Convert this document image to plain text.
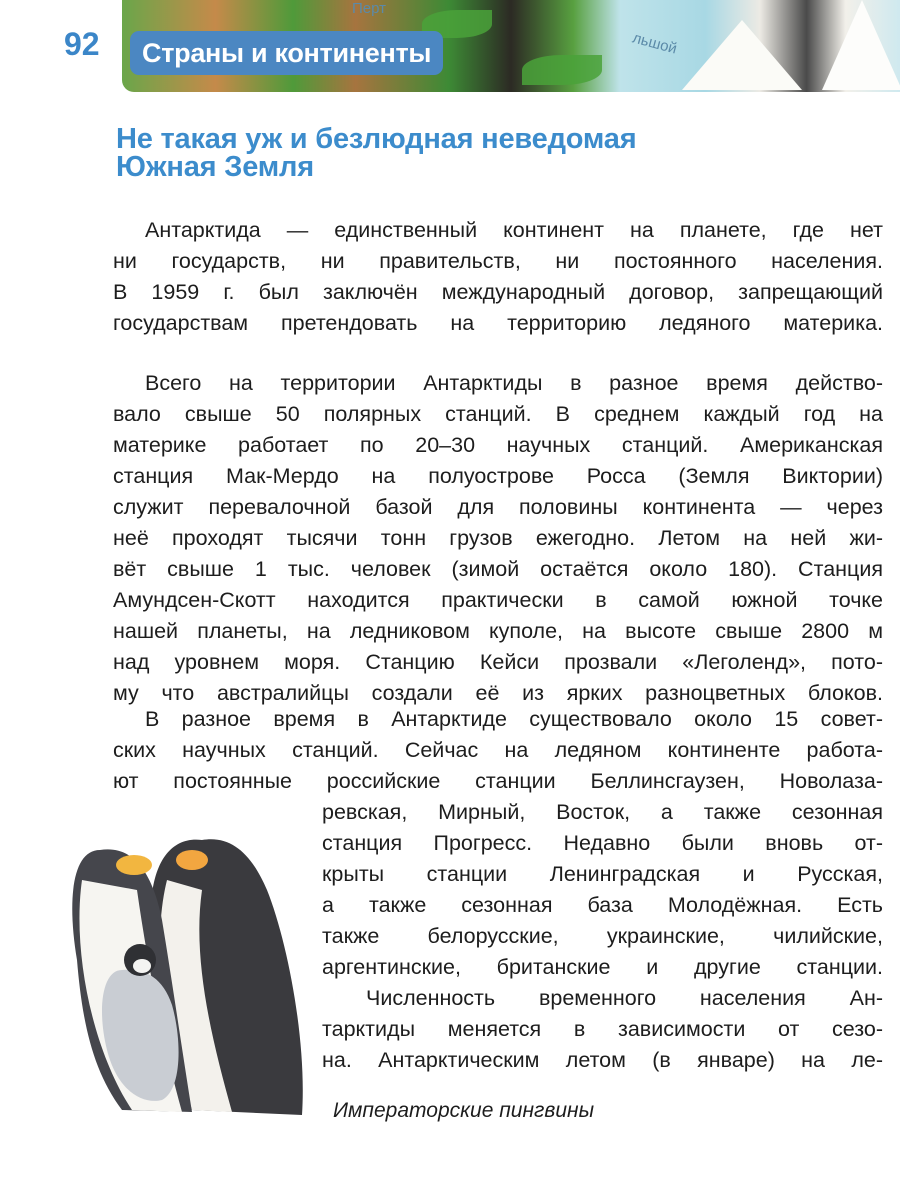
Перт
льшой
92	Страны и континенты
Не такая уж и безлюдная неведомая
Южная Земля
Антарктида — единственный континент на планете, где нет
ни государств, ни правительств, ни постоянного населения.
В 1959 г. был заключён международный договор, запрещающий
государствам претендовать на территорию ледяного материка.
Всего на территории Антарктиды в разное время действо-
вало свыше 50 полярных станций. В среднем каждый год на
материке работает по 20–30 научных станций. Американская
станция Мак-Мердо на полуострове Росса (Земля Виктории)
служит перевалочной базой для половины континента — через
неё проходят тысячи тонн грузов ежегодно. Летом на ней жи-
вёт свыше 1 тыс. человек (зимой остаётся около 180). Станция
Амундсен-Скотт находится практически в самой южной точке
нашей планеты, на ледниковом куполе, на высоте свыше 2800 м
над уровнем моря. Станцию Кейси прозвали «Леголенд», пото-
му что австралийцы создали её из ярких разноцветных блоков.
В разное время в Антарктиде существовало около 15 совет-
ских научных станций. Сейчас на ледяном континенте работа-
ют постоянные российские станции Беллинсгаузен, Новолаза-
ревская, Мирный, Восток, а также сезонная
станция Прогресс. Недавно были вновь от-
крыты станции Ленинградская и Русская,
а также сезонная база Молодёжная. Есть
также белорусские, украинские, чилийские,
аргентинские, британские и другие станции.
Численность временного населения Ан-
тарктиды меняется в зависимости от сезо-
на. Антарктическим летом (в январе) на ле-
Императорские пингвины
